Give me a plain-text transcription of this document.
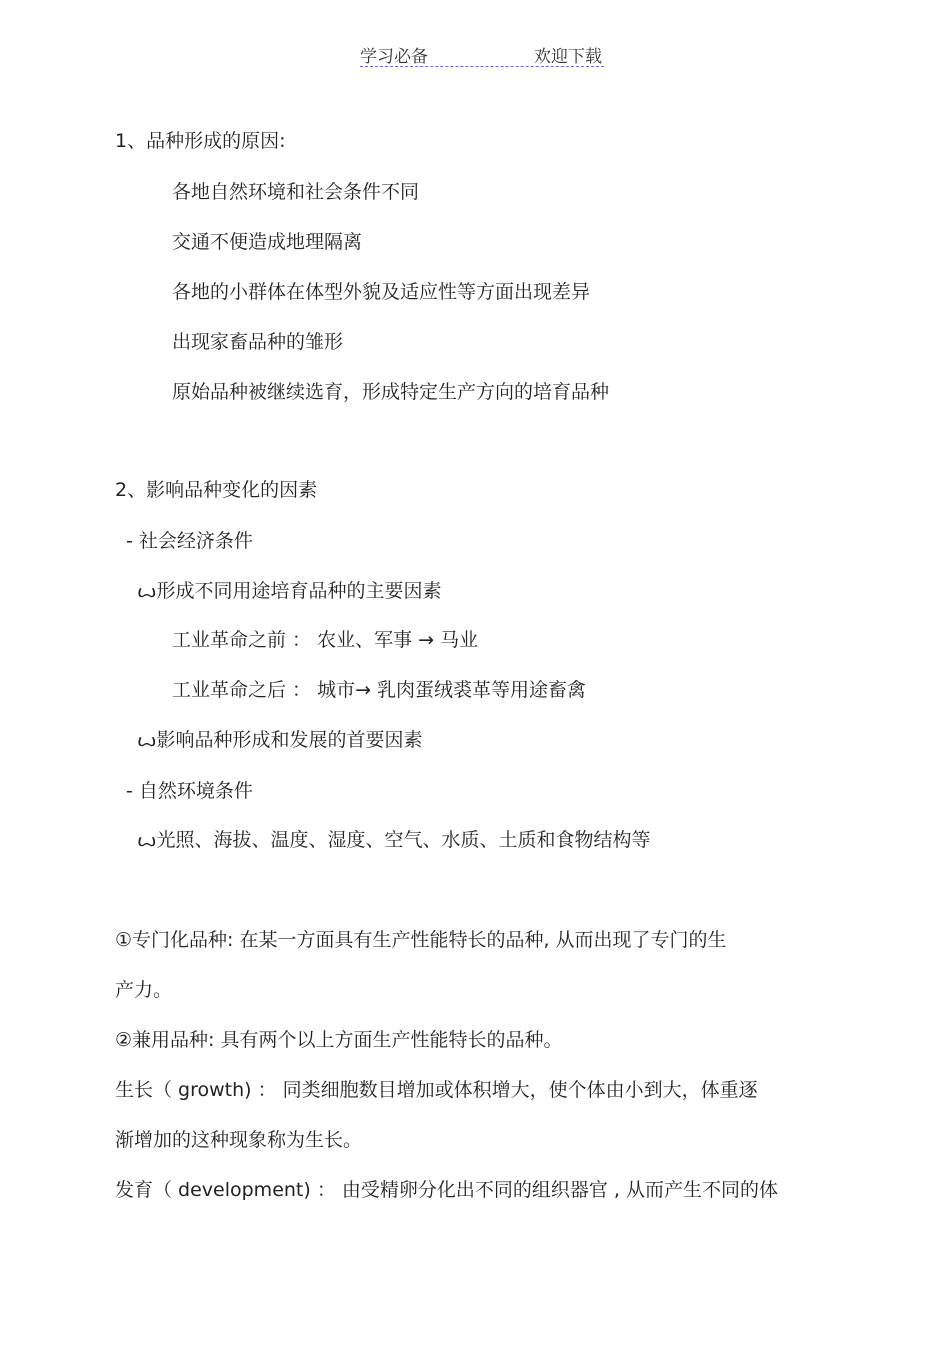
学习必备	欢迎下载
1、品种形成的原因:
各地自然环境和社会条件不同
交通不便造成地理隔离
各地的小群体在体型外貌及适应性等方面出现差异
出现家畜品种的雏形
原始品种被继续选育，形成特定生产方向的培育品种
2、影响品种变化的因素
- 社会经济条件
ꙍ形成不同用途培育品种的主要因素
工业革命之前 ： 农业、军事 → 马业
工业革命之后 ： 城市→ 乳肉蛋绒裘革等用途畜禽
ꙍ影响品种形成和发展的首要因素
- 自然环境条件
ꙍ光照、海拔、温度、湿度、空气、水质、土质和食物结构等
①专门化品种: 在某一方面具有生产性能特长的品种, 从而出现了专门的生
产力。
②兼用品种: 具有两个以上方面生产性能特长的品种。
生长（ growth) ： 同类细胞数目增加或体积增大，使个体由小到大，体重逐
渐增加的这种现象称为生长。
发育（ development) ： 由受精卵分化出不同的组织器官 , 从而产生不同的体
